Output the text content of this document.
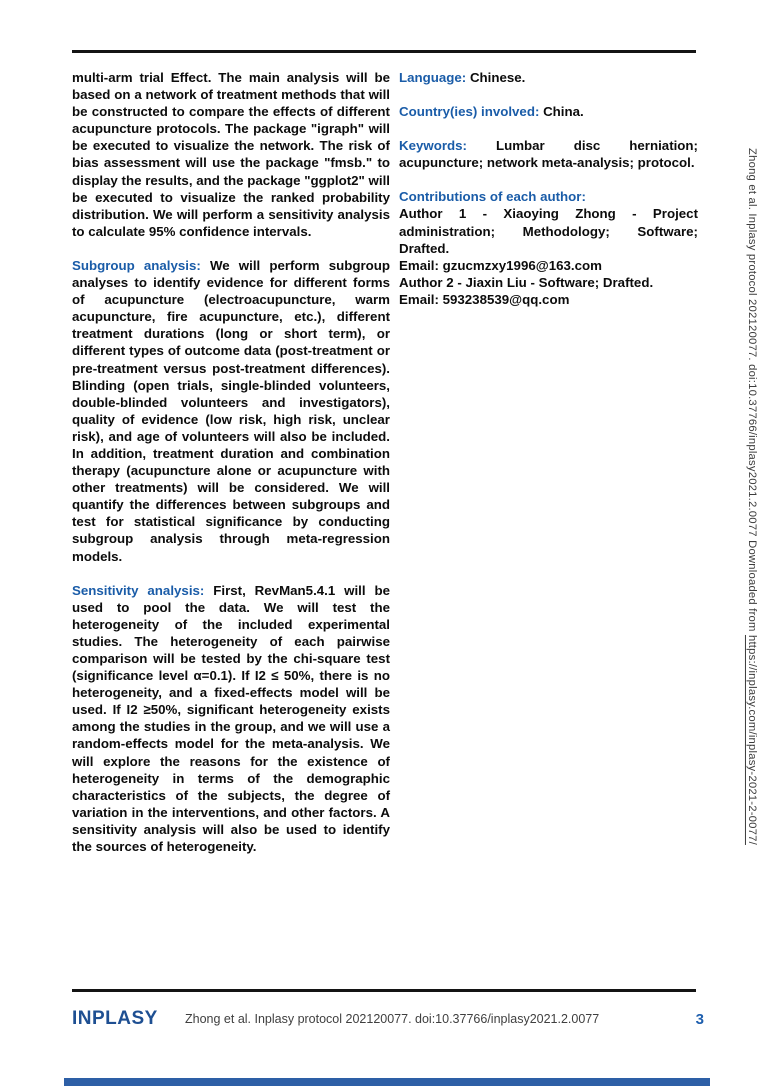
multi-arm trial Effect. The main analysis will be based on a network of treatment methods that will be constructed to compare the effects of different acupuncture protocols. The package "igraph" will be executed to visualize the network. The risk of bias assessment will use the package "fmsb." to display the results, and the package "ggplot2" will be executed to visualize the ranked probability distribution. We will perform a sensitivity analysis to calculate 95% confidence intervals.

Subgroup analysis: We will perform subgroup analyses to identify evidence for different forms of acupuncture (electroacupuncture, warm acupuncture, fire acupuncture, etc.), different treatment durations (long or short term), or different types of outcome data (post-treatment or pre-treatment versus post-treatment differences). Blinding (open trials, single-blinded volunteers, double-blinded volunteers and investigators), quality of evidence (low risk, high risk, unclear risk), and age of volunteers will also be included. In addition, treatment duration and combination therapy (acupuncture alone or acupuncture with other treatments) will be considered. We will quantify the differences between subgroups and test for statistical significance by conducting subgroup analysis through meta-regression models.

Sensitivity analysis: First, RevMan5.4.1 will be used to pool the data. We will test the heterogeneity of the included experimental studies. The heterogeneity of each pairwise comparison will be tested by the chi-square test (significance level α=0.1). If I2 ≤ 50%, there is no heterogeneity, and a fixed-effects model will be used. If I2 ≥50%, significant heterogeneity exists among the studies in the group, and we will use a random-effects model for the meta-analysis. We will explore the reasons for the existence of heterogeneity in terms of the demographic characteristics of the subjects, the degree of variation in the interventions, and other factors. A sensitivity analysis will also be used to identify the sources of heterogeneity.

Language: Chinese.

Country(ies) involved: China.

Keywords: Lumbar disc herniation; acupuncture; network meta-analysis; protocol.

Contributions of each author:
Author 1 - Xiaoying Zhong - Project administration; Methodology; Software; Drafted.
Email: gzucmzxy1996@163.com
Author 2 - Jiaxin Liu - Software; Drafted.
Email: 593238539@qq.com	Zhong et al. Inplasy protocol 202120077. doi:10.37766/inplasy2021.2.0077 Downloaded from https://inplasy.com/inplasy-2021-2-0077/
INPLASY	Zhong et al. Inplasy protocol 202120077. doi:10.37766/inplasy2021.2.0077	3
